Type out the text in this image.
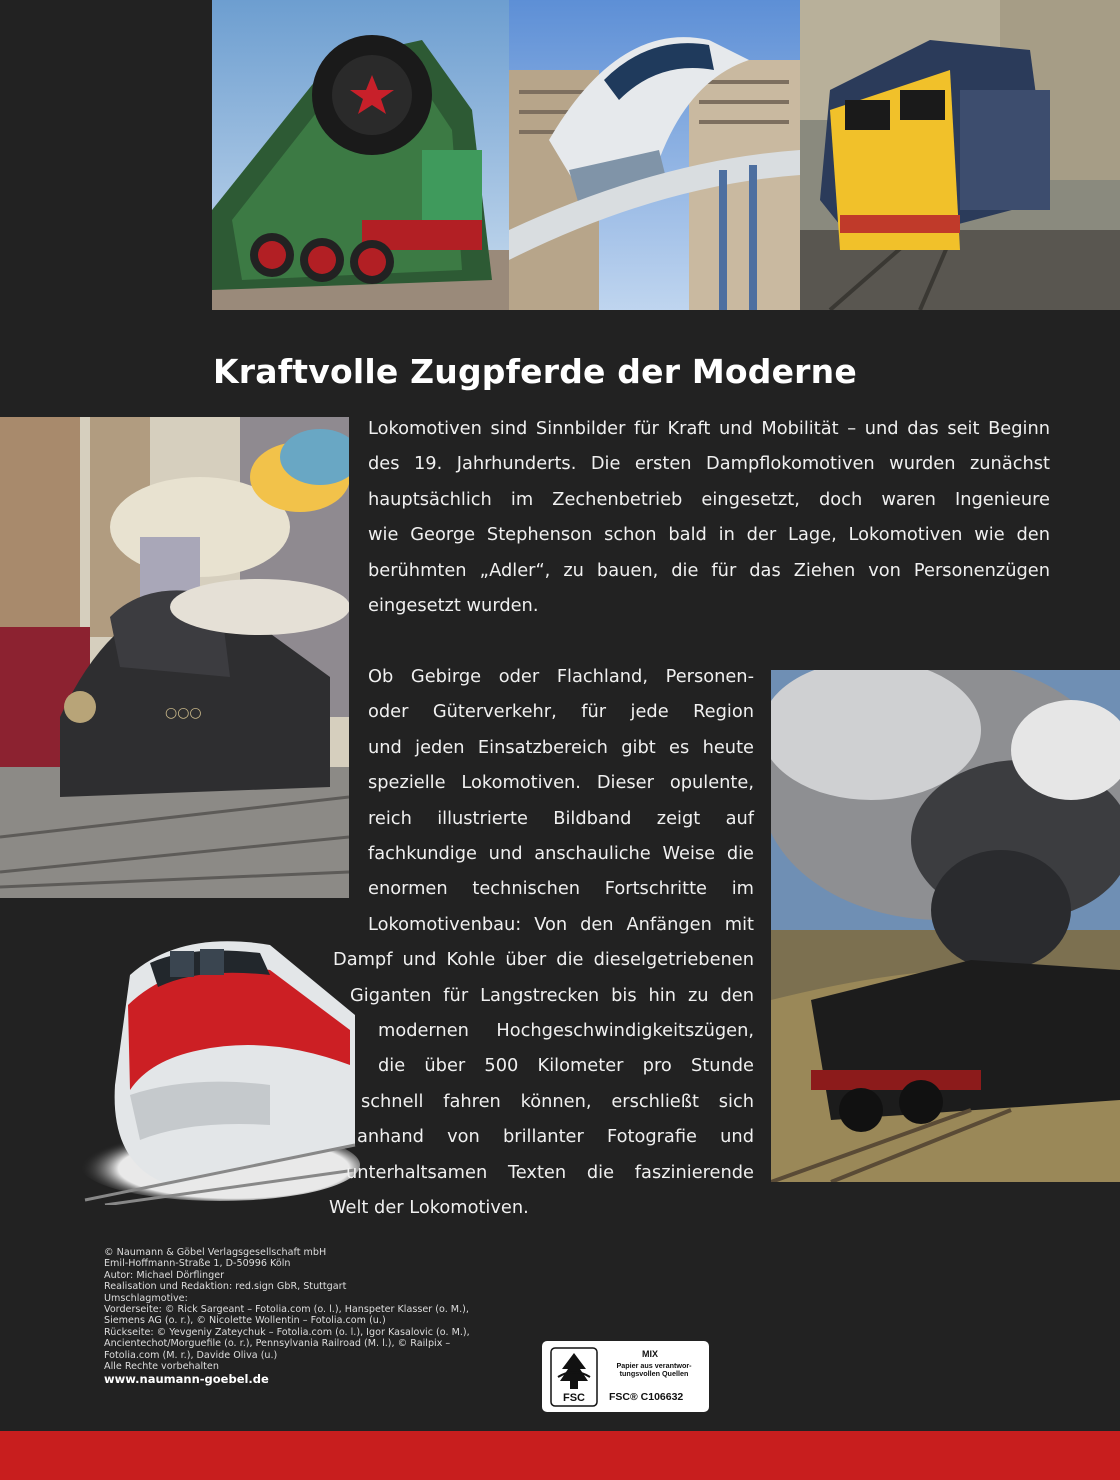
Kraftvolle Zugpferde der Moderne
○○○
Lokomotiven sind Sinnbilder für Kraft und Mobilität – und das seit Beginn
des 19. Jahrhunderts. Die ersten Dampflokomotiven wurden zunächst
hauptsächlich im Zechenbetrieb eingesetzt, doch waren Ingenieure
wie George Stephenson schon bald in der Lage, Lokomotiven wie den
berühmten „Adler“, zu bauen, die für das Ziehen von Personenzügen
eingesetzt wurden.
Ob Gebirge oder Flachland, Personen-
oder Güterverkehr, für jede Region
und jeden Einsatzbereich gibt es heute
spezielle Lokomotiven. Dieser opulente,
reich illustrierte Bildband zeigt auf
fachkundige und anschauliche Weise die
enormen technischen Fortschritte im
Lokomotivenbau: Von den Anfängen mit
Dampf und Kohle über die dieselgetriebenen
Giganten für Langstrecken bis hin zu den
modernen Hochgeschwindigkeitszügen,
die über 500 Kilometer pro Stunde
schnell fahren können, erschließt sich
anhand von brillanter Fotografie und
unterhaltsamen Texten die faszinierende
Welt der Lokomotiven.
© Naumann & Göbel Verlagsgesellschaft mbH
Emil-Hoffmann-Straße 1, D-50996 Köln
Autor: Michael Dörflinger
Realisation und Redaktion: red.sign GbR, Stuttgart
Umschlagmotive:
Vorderseite: © Rick Sargeant – Fotolia.com (o. l.), Hanspeter Klasser (o. M.),
Siemens AG (o. r.), © Nicolette Wollentin – Fotolia.com (u.)
Rückseite: © Yevgeniy Zateychuk – Fotolia.com (o. l.), Igor Kasalovic (o. M.),
Ancientechot/Morguefile (o. r.), Pennsylvania Railroad (M. l.), © Railpix –
Fotolia.com (M. r.), Davide Oliva (u.)
Alle Rechte vorbehalten
www.naumann-goebel.de
FSC
MIX
Papier aus verantwor-
tungsvollen Quellen
FSC® C106632
